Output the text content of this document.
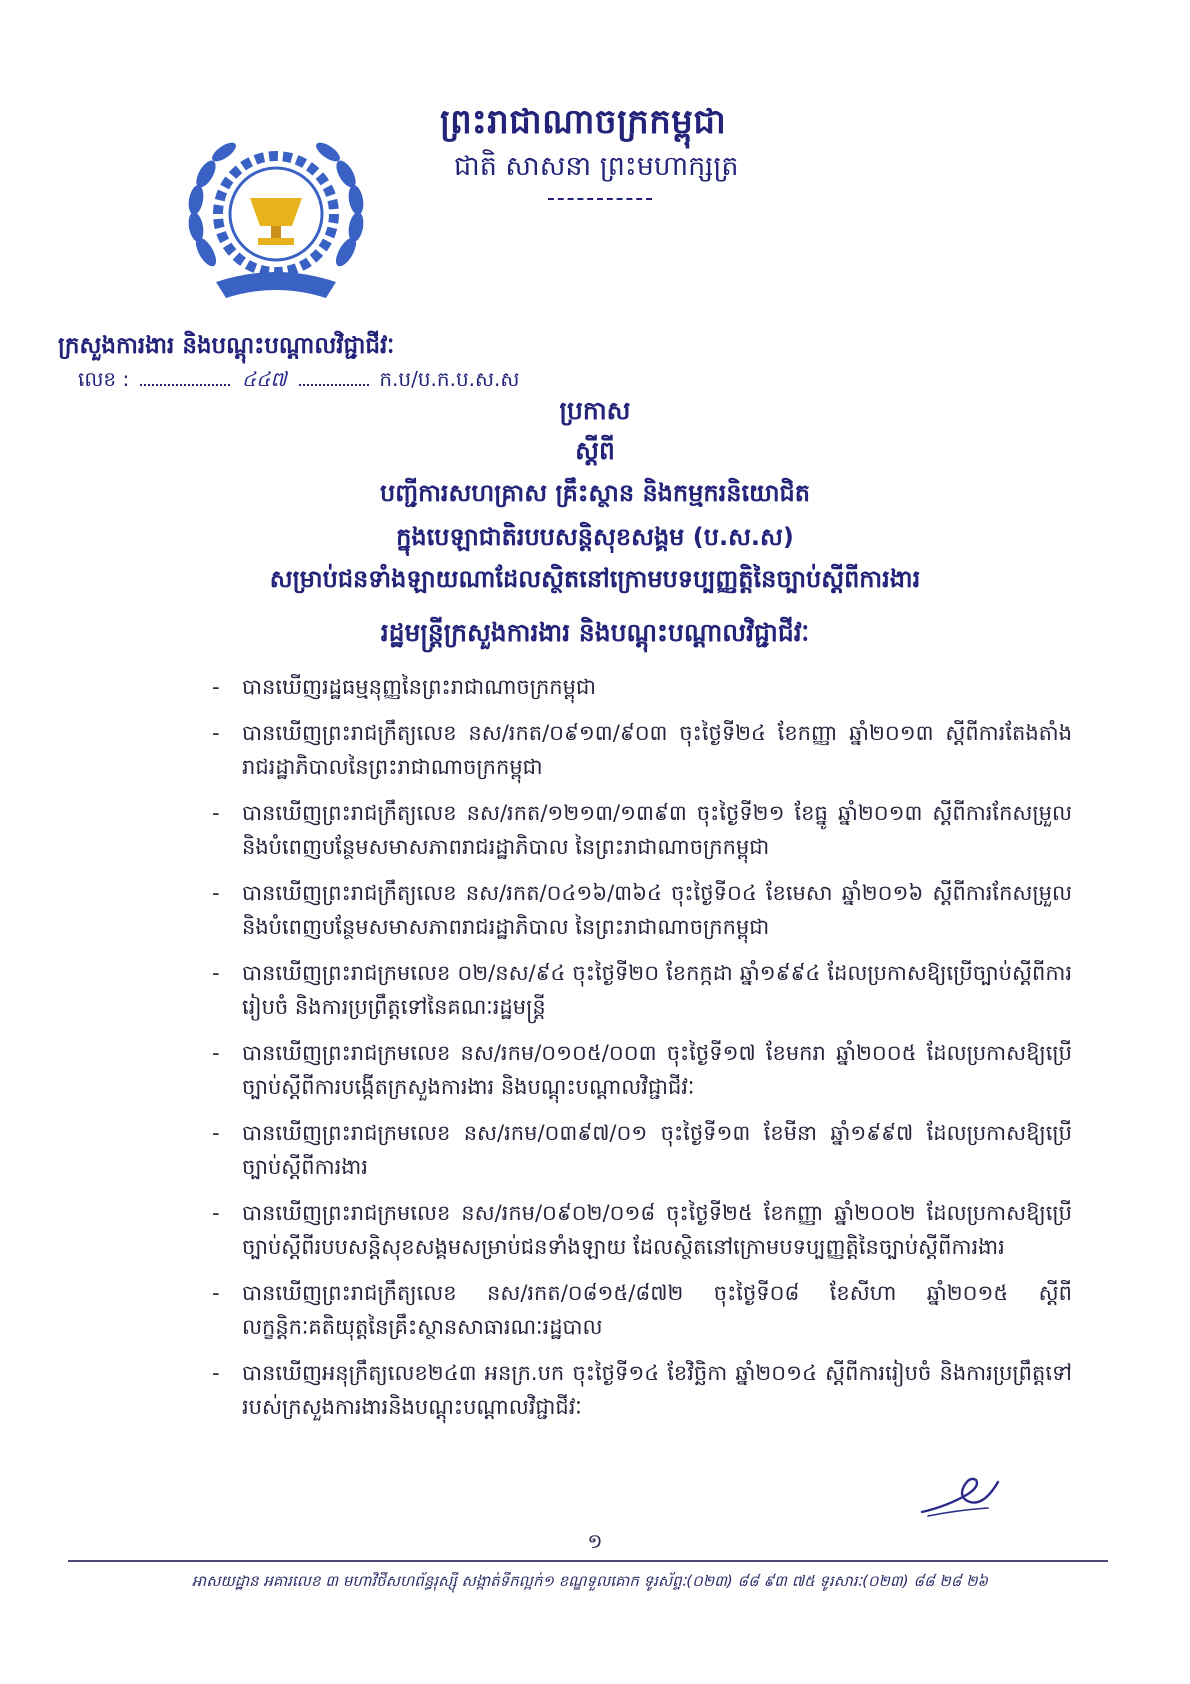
ព្រះរាជាណាចក្រកម្ពុជា
ជាតិ សាសនា ព្រះមហាក្សត្រ
ក្រសួងការងារ និងបណ្តុះបណ្តាលវិជ្ជាជីវៈ
លេខ :	៤៤៧	ក.ប/ប.ក.ប.ស.ស
ប្រកាស
ស្តីពី
បញ្ជីការសហគ្រាស គ្រឹះស្ថាន និងកម្មករនិយោជិត
ក្នុងបេឡាជាតិរបបសន្តិសុខសង្គម (ប.ស.ស)
សម្រាប់ជនទាំងឡាយណាដែលស្ថិតនៅក្រោមបទប្បញ្ញត្តិនៃច្បាប់ស្តីពីការងារ
រដ្ឋមន្ត្រីក្រសួងការងារ និងបណ្តុះបណ្តាលវិជ្ជាជីវៈ
- បានឃើញរដ្ឋធម្មនុញ្ញនៃព្រះរាជាណាចក្រកម្ពុជា
- បានឃើញព្រះរាជក្រឹត្យលេខ នស/រកត/០៩១៣/៩០៣ ចុះថ្ងៃទី២៤ ខែកញ្ញា ឆ្នាំ២០១៣ ស្តីពីការតែងតាំងរាជរដ្ឋាភិបាលនៃព្រះរាជាណាចក្រកម្ពុជា
- បានឃើញព្រះរាជក្រឹត្យលេខ នស/រកត/១២១៣/១៣៩៣ ចុះថ្ងៃទី២១ ខែធ្នូ ឆ្នាំ២០១៣ ស្តីពីការកែសម្រួល និងបំពេញបន្ថែមសមាសភាពរាជរដ្ឋាភិបាល នៃព្រះរាជាណាចក្រកម្ពុជា
- បានឃើញព្រះរាជក្រឹត្យលេខ នស/រកត/០៤១៦/៣៦៤ ចុះថ្ងៃទី០៤ ខែមេសា ឆ្នាំ២០១៦ ស្តីពីការកែសម្រួល និងបំពេញបន្ថែមសមាសភាពរាជរដ្ឋាភិបាល នៃព្រះរាជាណាចក្រកម្ពុជា
- បានឃើញព្រះរាជក្រមលេខ ០២/នស/៩៤ ចុះថ្ងៃទី២០ ខែកក្កដា ឆ្នាំ១៩៩៤ ដែលប្រកាសឱ្យប្រើច្បាប់ស្តីពីការរៀបចំ និងការប្រព្រឹត្តទៅនៃគណៈរដ្ឋមន្ត្រី
- បានឃើញព្រះរាជក្រមលេខ នស/រកម/០១០៥/០០៣ ចុះថ្ងៃទី១៧ ខែមករា ឆ្នាំ២០០៥ ដែលប្រកាសឱ្យប្រើច្បាប់ស្តីពីការបង្កើតក្រសួងការងារ និងបណ្តុះបណ្តាលវិជ្ជាជីវៈ
- បានឃើញព្រះរាជក្រមលេខ នស/រកម/០៣៩៧/០១ ចុះថ្ងៃទី១៣ ខែមីនា ឆ្នាំ១៩៩៧ ដែលប្រកាសឱ្យប្រើច្បាប់ស្តីពីការងារ
- បានឃើញព្រះរាជក្រមលេខ នស/រកម/០៩០២/០១៨ ចុះថ្ងៃទី២៥ ខែកញ្ញា ឆ្នាំ២០០២ ដែលប្រកាសឱ្យប្រើច្បាប់ស្តីពីរបបសន្តិសុខសង្គមសម្រាប់ជនទាំងឡាយ ដែលស្ថិតនៅក្រោមបទប្បញ្ញត្តិនៃច្បាប់ស្តីពីការងារ
- បានឃើញព្រះរាជក្រឹត្យលេខ នស/រកត/០៨១៥/៨៧២ ចុះថ្ងៃទី០៨ ខែសីហា ឆ្នាំ២០១៥ ស្តីពីលក្ខន្តិកៈគតិយុត្តនៃគ្រឹះស្ថានសាធារណៈរដ្ឋបាល
- បានឃើញអនុក្រឹត្យលេខ២៤៣ អនក្រ.បក ចុះថ្ងៃទី១៤ ខែវិច្ឆិកា ឆ្នាំ២០១៤ ស្តីពីការរៀបចំ និងការប្រព្រឹត្តទៅរបស់ក្រសួងការងារនិងបណ្តុះបណ្តាលវិជ្ជាជីវៈ
១
អាសយដ្ឋាន អគារលេខ ៣ មហាវិថីសហព័ន្ធរុស្ស៊ី សង្កាត់ទឹកល្អក់១ ខណ្ឌទួលគោក ទូរស័ព្ទៈ(០២៣) ៨៨ ៩៣ ៧៥ ទូរសារៈ(០២៣) ៨៨ ២៨ ២៦
